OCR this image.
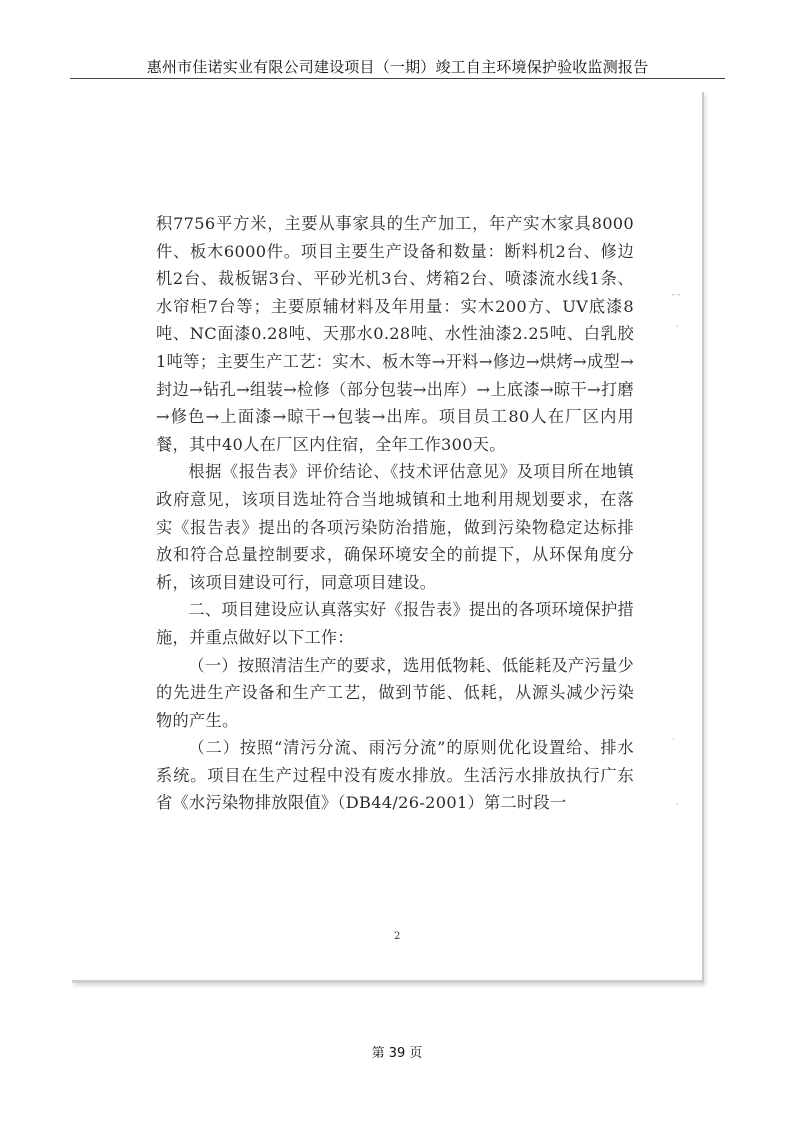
惠州市佳诺实业有限公司建设项目（一期）竣工自主环境保护验收监测报告

积7756平方米，主要从事家具的生产加工，年产实木家具8000件、板木6000件。项目主要生产设备和数量：断料机2台、修边机2台、裁板锯3台、平砂光机3台、烤箱2台、喷漆流水线1条、水帘柜7台等；主要原辅材料及年用量：实木200方、UV底漆8吨、NC面漆0.28吨、天那水0.28吨、水性油漆2.25吨、白乳胶1吨等；主要生产工艺：实木、板木等→开料→修边→烘烤→成型→封边→钻孔→组装→检修（部分包装→出库）→上底漆→晾干→打磨→修色→上面漆→晾干→包装→出库。项目员工80人在厂区内用餐，其中40人在厂区内住宿，全年工作300天。

根据《报告表》评价结论、《技术评估意见》及项目所在地镇政府意见，该项目选址符合当地城镇和土地利用规划要求，在落实《报告表》提出的各项污染防治措施，做到污染物稳定达标排放和符合总量控制要求，确保环境安全的前提下，从环保角度分析，该项目建设可行，同意项目建设。

二、项目建设应认真落实好《报告表》提出的各项环境保护措施，并重点做好以下工作：

（一）按照清洁生产的要求，选用低物耗、低能耗及产污量少的先进生产设备和生产工艺，做到节能、低耗，从源头减少污染物的产生。

（二）按照“清污分流、雨污分流”的原则优化设置给、排水系统。项目在生产过程中没有废水排放。生活污水排放执行广东省《水污染物排放限值》（DB44/26-2001）第二时段一

2
- -
·
·
·
第 39 页
